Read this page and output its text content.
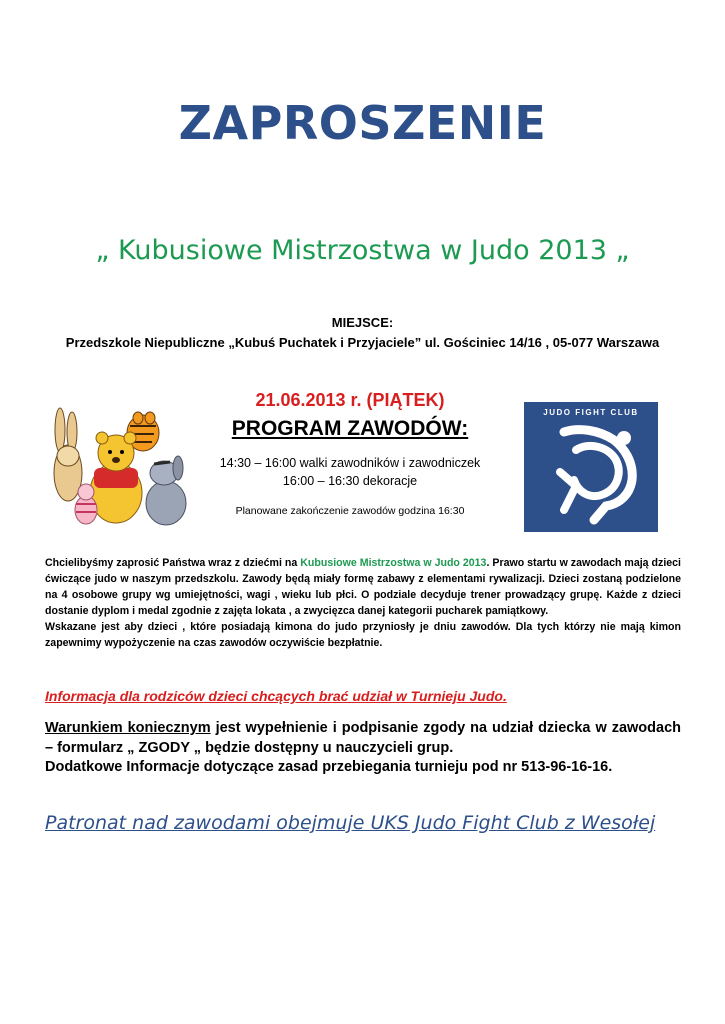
ZAPROSZENIE
„ Kubusiowe Mistrzostwa w Judo 2013 „
MIEJSCE:
Przedszkole Niepubliczne „Kubuś Puchatek i Przyjaciele” ul. Gościniec 14/16 , 05-077 Warszawa
JUDO FIGHT CLUB
21.06.2013 r. (PIĄTEK)
PROGRAM ZAWODÓW:
14:30 – 16:00 walki zawodników i zawodniczek
16:00 – 16:30 dekoracje
Planowane zakończenie zawodów godzina 16:30

Chcielibyśmy zaprosić Państwa wraz z dziećmi na Kubusiowe Mistrzostwa w Judo 2013. Prawo startu w zawodach mają dzieci ćwiczące judo w naszym przedszkolu. Zawody będą miały formę zabawy z elementami rywalizacji. Dzieci zostaną podzielone na 4 osobowe grupy wg umiejętności, wagi , wieku lub płci. O podziale decyduje trener prowadzący grupę. Każde z dzieci dostanie dyplom i medal zgodnie z zajęta lokata , a zwycięzca danej kategorii pucharek pamiątkowy.

Wskazane jest aby dzieci , które posiadają kimona do judo przyniosły je dniu zawodów. Dla tych którzy nie mają kimon zapewnimy wypożyczenie na czas zawodów oczywiście bezpłatnie.

Informacja dla rodziców dzieci chcących brać udział w Turnieju Judo.

Warunkiem koniecznym jest wypełnienie i podpisanie zgody na udział dziecka w zawodach – formularz „ ZGODY „ będzie dostępny u nauczycieli grup.

Dodatkowe Informacje dotyczące zasad przebiegania turnieju pod nr 513-96-16-16.

Patronat nad zawodami obejmuje UKS Judo Fight Club z Wesołej
